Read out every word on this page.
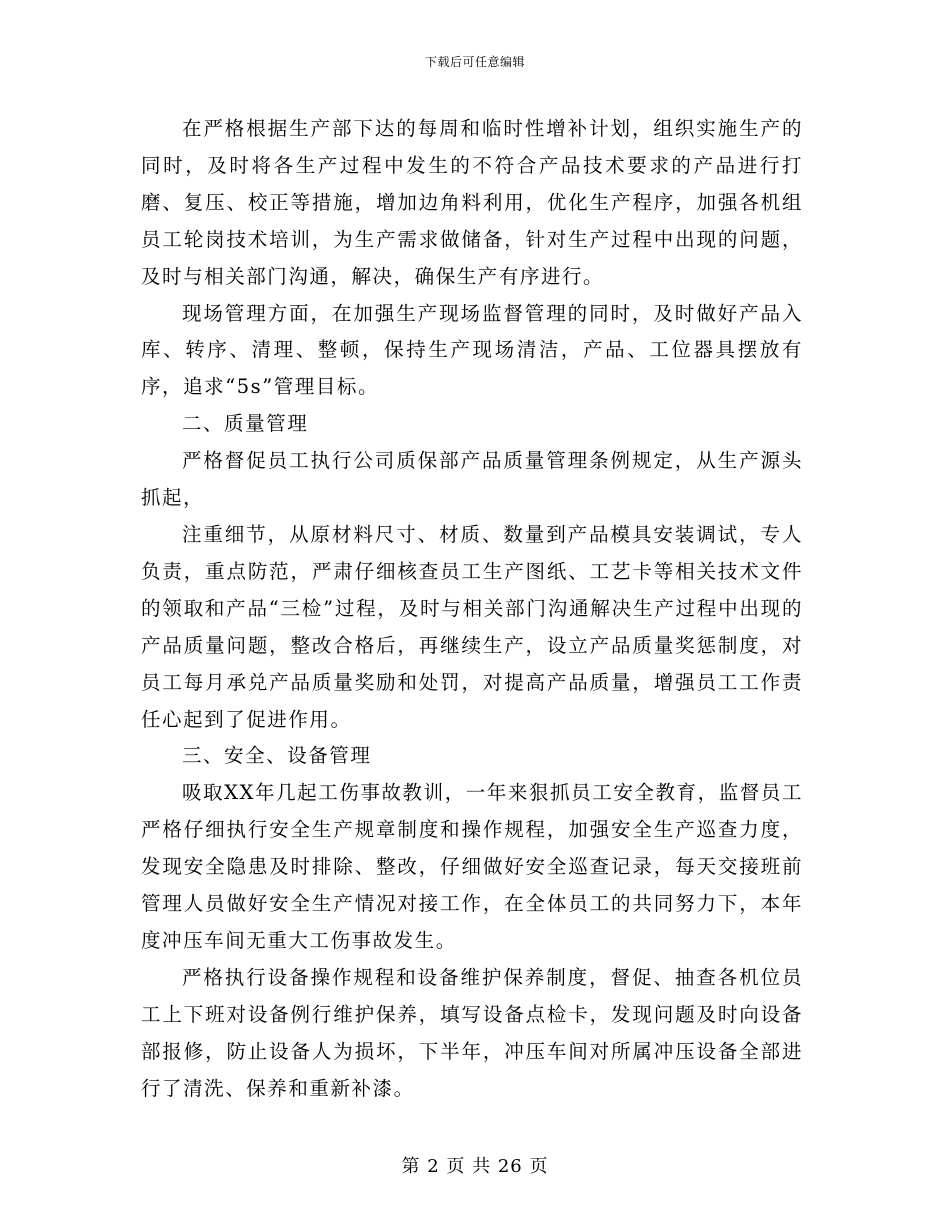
下载后可任意编辑

在严格根据生产部下达的每周和临时性增补计划，组织实施生产的同时，及时将各生产过程中发生的不符合产品技术要求的产品进行打磨、复压、校正等措施，增加边角料利用，优化生产程序，加强各机组员工轮岗技术培训，为生产需求做储备，针对生产过程中出现的问题，及时与相关部门沟通，解决，确保生产有序进行。

现场管理方面，在加强生产现场监督管理的同时，及时做好产品入库、转序、清理、整顿，保持生产现场清洁，产品、工位器具摆放有序，追求“5s”管理目标。

二、质量管理

严格督促员工执行公司质保部产品质量管理条例规定，从生产源头抓起，

注重细节，从原材料尺寸、材质、数量到产品模具安装调试，专人负责，重点防范，严肃仔细核查员工生产图纸、工艺卡等相关技术文件的领取和产品“三检”过程，及时与相关部门沟通解决生产过程中出现的产品质量问题，整改合格后，再继续生产，设立产品质量奖惩制度，对员工每月承兑产品质量奖励和处罚，对提高产品质量，增强员工工作责任心起到了促进作用。

三、安全、设备管理

吸取XX年几起工伤事故教训，一年来狠抓员工安全教育，监督员工严格仔细执行安全生产规章制度和操作规程，加强安全生产巡查力度，发现安全隐患及时排除、整改，仔细做好安全巡查记录，每天交接班前管理人员做好安全生产情况对接工作，在全体员工的共同努力下，本年度冲压车间无重大工伤事故发生。

严格执行设备操作规程和设备维护保养制度，督促、抽查各机位员工上下班对设备例行维护保养，填写设备点检卡，发现问题及时向设备部报修，防止设备人为损坏，下半年，冲压车间对所属冲压设备全部进行了清洗、保养和重新补漆。

第 2 页 共 26 页
